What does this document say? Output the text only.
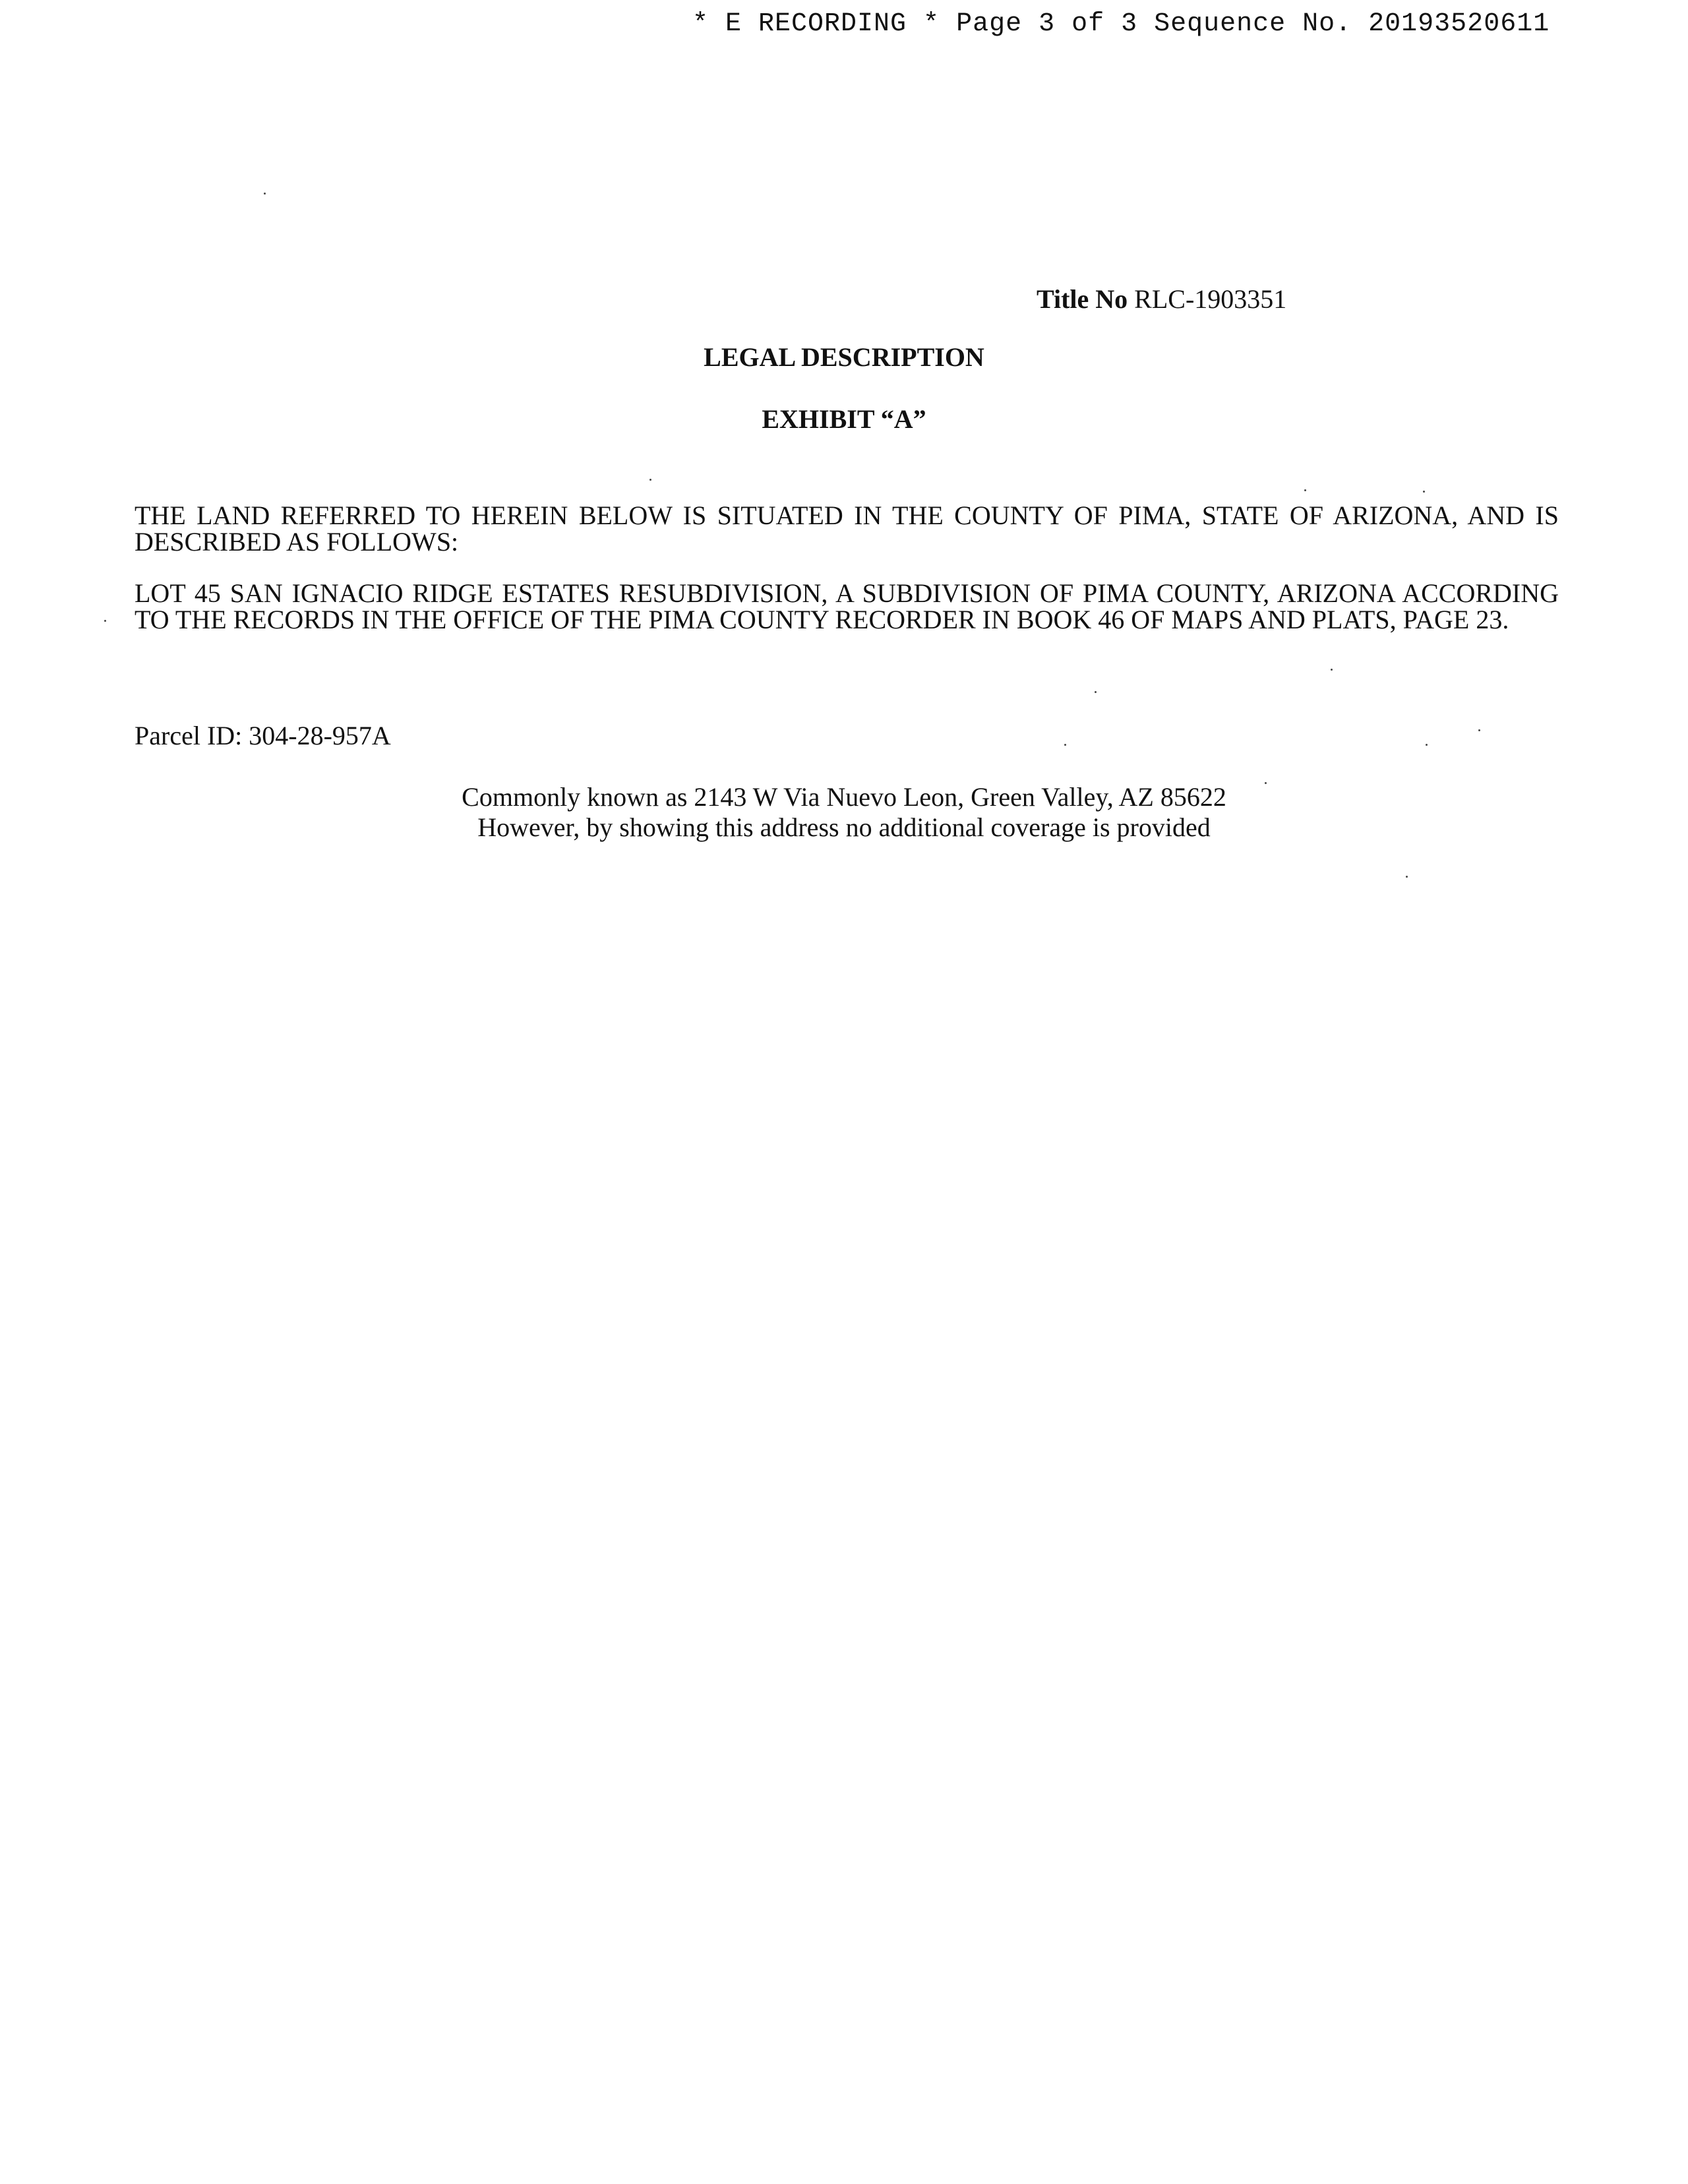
* E RECORDING * Page 3 of 3 Sequence No. 20193520611
Title No RLC-1903351
LEGAL DESCRIPTION
EXHIBIT “A”
THE LAND REFERRED TO HEREIN BELOW IS SITUATED IN THE COUNTY OF PIMA, STATE OF ARIZONA, AND IS DESCRIBED AS FOLLOWS:
LOT 45 SAN IGNACIO RIDGE ESTATES RESUBDIVISION, A SUBDIVISION OF PIMA COUNTY, ARIZONA ACCORDING TO THE RECORDS IN THE OFFICE OF THE PIMA COUNTY RECORDER IN BOOK 46 OF MAPS AND PLATS, PAGE 23.
Parcel ID: 304-28-957A
Commonly known as 2143 W Via Nuevo Leon, Green Valley, AZ 85622
However, by showing this address no additional coverage is provided
